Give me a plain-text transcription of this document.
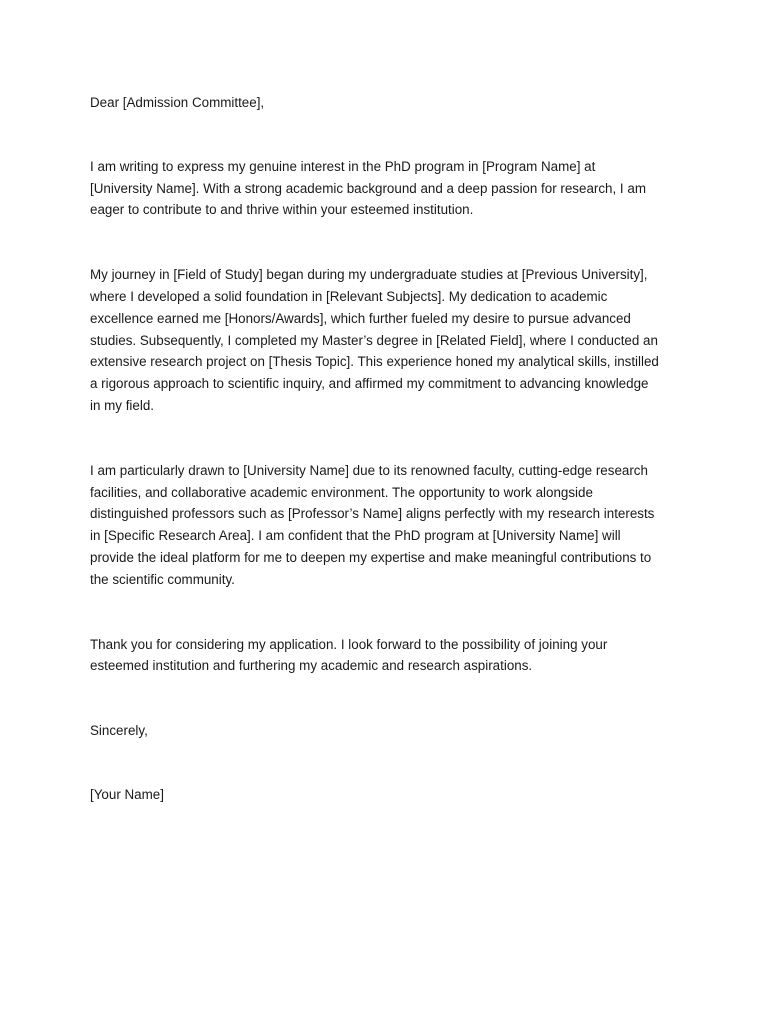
Dear [Admission Committee],

I am writing to express my genuine interest in the PhD program in [Program Name] at
[University Name]. With a strong academic background and a deep passion for research, I am
eager to contribute to and thrive within your esteemed institution.

My journey in [Field of Study] began during my undergraduate studies at [Previous University],
where I developed a solid foundation in [Relevant Subjects]. My dedication to academic
excellence earned me [Honors/Awards], which further fueled my desire to pursue advanced
studies. Subsequently, I completed my Master’s degree in [Related Field], where I conducted an
extensive research project on [Thesis Topic]. This experience honed my analytical skills, instilled
a rigorous approach to scientific inquiry, and affirmed my commitment to advancing knowledge
in my field.

I am particularly drawn to [University Name] due to its renowned faculty, cutting-edge research
facilities, and collaborative academic environment. The opportunity to work alongside
distinguished professors such as [Professor’s Name] aligns perfectly with my research interests
in [Specific Research Area]. I am confident that the PhD program at [University Name] will
provide the ideal platform for me to deepen my expertise and make meaningful contributions to
the scientific community.

Thank you for considering my application. I look forward to the possibility of joining your
esteemed institution and furthering my academic and research aspirations.

Sincerely,

[Your Name]
